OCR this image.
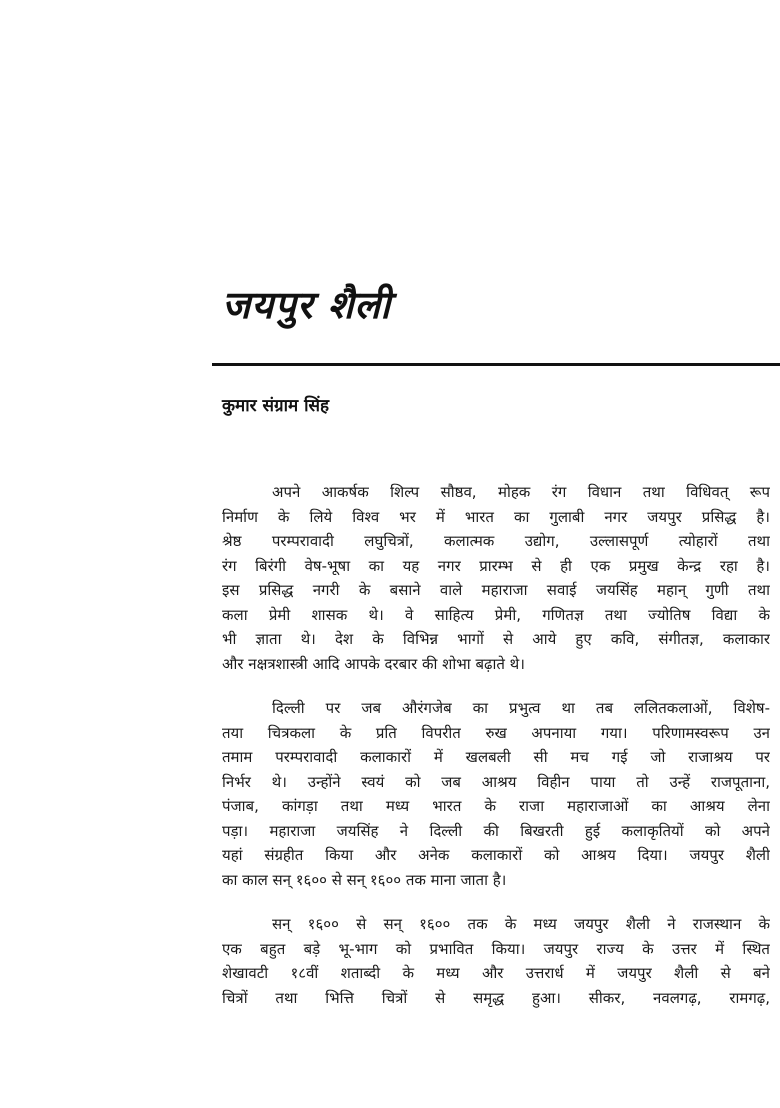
जयपुर शैली
कुमार संग्राम सिंह
अपने आकर्षक शिल्प सौष्ठव, मोहक रंग विधान तथा विधिवत् रूप
निर्माण के लिये विश्व भर में भारत का गुलाबी नगर जयपुर प्रसिद्ध है।
श्रेष्ठ परम्परावादी लघुचित्रों, कलात्मक उद्योग, उल्लासपूर्ण त्योहारों तथा
रंग बिरंगी वेष-भूषा का यह नगर प्रारम्भ से ही एक प्रमुख केन्द्र रहा है।
इस प्रसिद्ध नगरी के बसाने वाले महाराजा सवाई जयसिंह महान् गुणी तथा
कला प्रेमी शासक थे। वे साहित्य प्रेमी, गणितज्ञ तथा ज्योतिष विद्या के
भी ज्ञाता थे। देश के विभिन्न भागों से आये हुए कवि, संगीतज्ञ, कलाकार
और नक्षत्रशास्त्री आदि आपके दरबार की शोभा बढ़ाते थे।
दिल्ली पर जब औरंगजेब का प्रभुत्व था तब ललितकलाओं, विशेष-
तया चित्रकला के प्रति विपरीत रुख अपनाया गया। परिणामस्वरूप उन
तमाम परम्परावादी कलाकारों में खलबली सी मच गई जो राजाश्रय पर
निर्भर थे। उन्होंने स्वयं को जब आश्रय विहीन पाया तो उन्हें राजपूताना,
पंजाब, कांगड़ा तथा मध्य भारत के राजा महाराजाओं का आश्रय लेना
पड़ा। महाराजा जयसिंह ने दिल्ली की बिखरती हुई कलाकृतियों को अपने
यहां संग्रहीत किया और अनेक कलाकारों को आश्रय दिया। जयपुर शैली
का काल सन् १६०० से सन् १६०० तक माना जाता है।
सन् १६०० से सन् १६०० तक के मध्य जयपुर शैली ने राजस्थान के
एक बहुत बड़े भू-भाग को प्रभावित किया। जयपुर राज्य के उत्तर में स्थित
शेखावटी १८वीं शताब्दी के मध्य और उत्तरार्ध में जयपुर शैली से बने
चित्रों तथा भित्ति चित्रों से समृद्ध हुआ। सीकर, नवलगढ़, रामगढ़,
